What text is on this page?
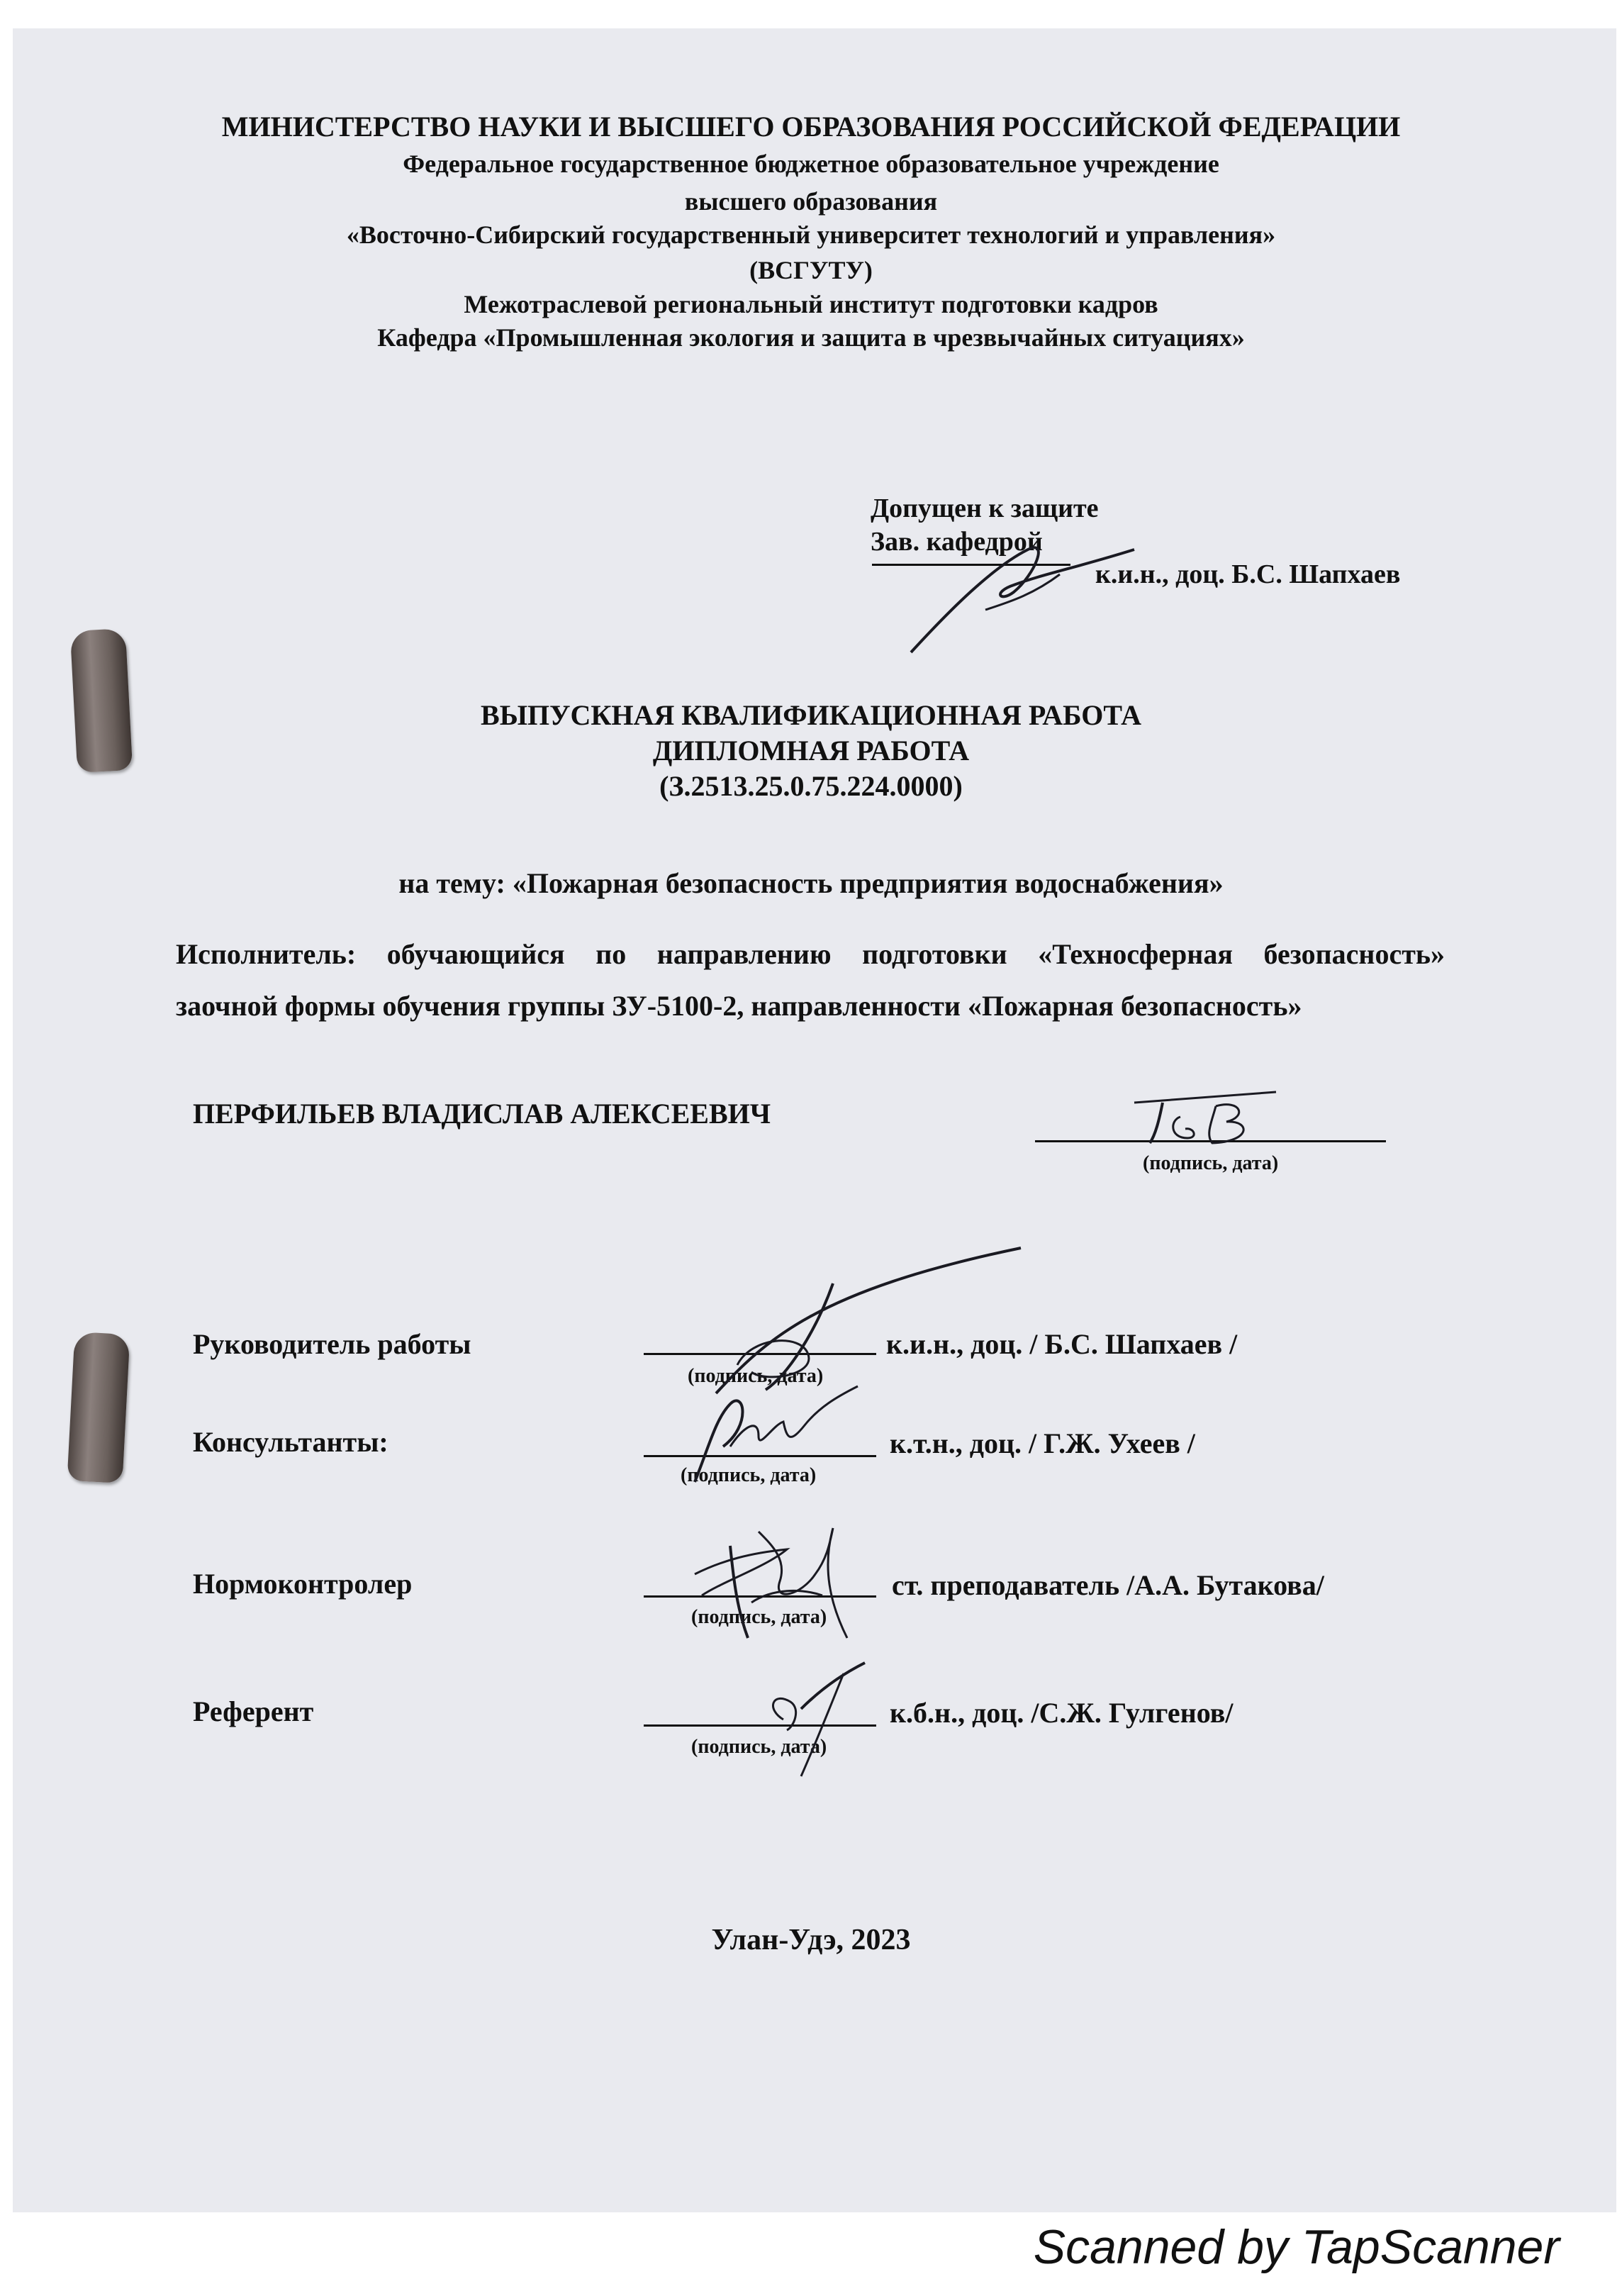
МИНИСТЕРСТВО НАУКИ И ВЫСШЕГО ОБРАЗОВАНИЯ РОССИЙСКОЙ ФЕДЕРАЦИИ
Федеральное государственное бюджетное образовательное учреждение
высшего образования
«Восточно-Сибирский государственный университет технологий и управления»
(ВСГУТУ)
Межотраслевой региональный институт подготовки кадров
Кафедра «Промышленная экология и защита в чрезвычайных ситуациях»
Допущен к защите
Зав. кафедрой
к.и.н., доц. Б.С. Шапхаев
ВЫПУСКНАЯ КВАЛИФИКАЦИОННАЯ РАБОТА
ДИПЛОМНАЯ РАБОТА
(З.2513.25.0.75.224.0000)
на тему: «Пожарная безопасность предприятия водоснабжения»
Исполнитель: обучающийся по направлению подготовки «Техносферная безопасность»
заочной формы обучения группы ЗУ-5100-2, направленности «Пожарная безопасность»
ПЕРФИЛЬЕВ ВЛАДИСЛАВ АЛЕКСЕЕВИЧ
(подпись, дата)
Руководитель работы
(подпись, дата)
к.и.н., доц. / Б.С. Шапхаев /
Консультанты:
(подпись, дата)
к.т.н., доц. / Г.Ж. Ухеев /
Нормоконтролер
(подпись, дата)
ст. преподаватель /А.А. Бутакова/
Референт
(подпись, дата)
к.б.н., доц. /С.Ж. Гулгенов/
Улан-Удэ, 2023
Scanned by TapScanner
